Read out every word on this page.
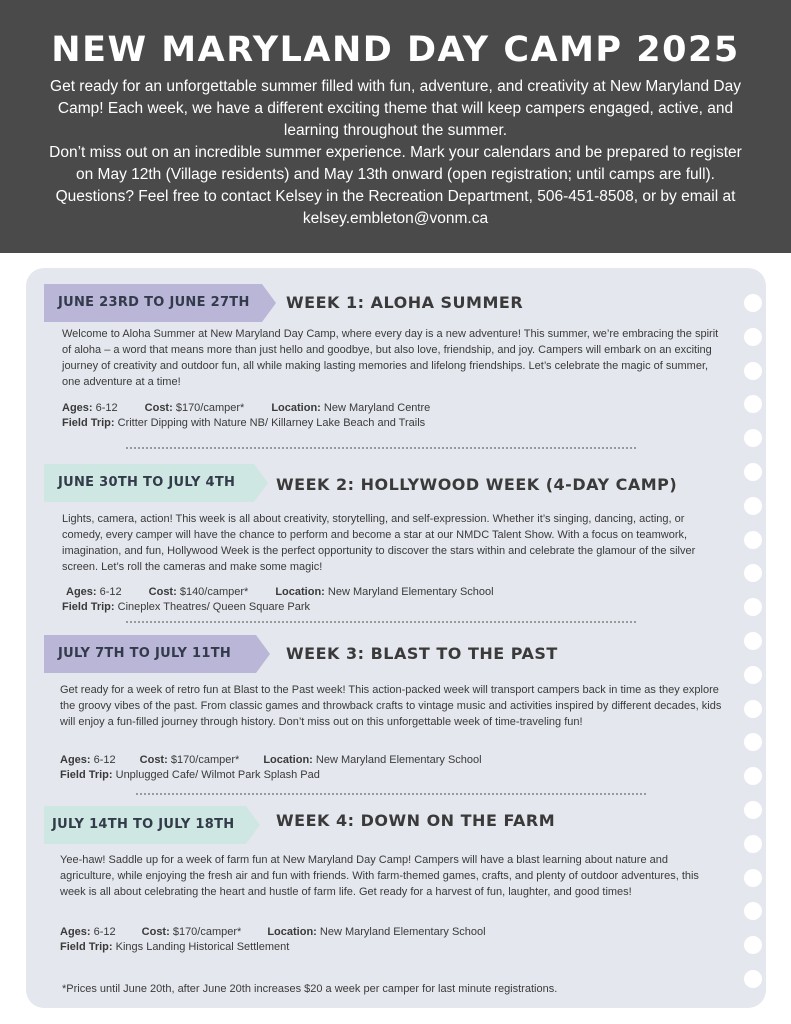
NEW MARYLAND DAY CAMP 2025
Get ready for an unforgettable summer filled with fun, adventure, and creativity at New Maryland Day Camp! Each week, we have a different exciting theme that will keep campers engaged, active, and learning throughout the summer.
Don’t miss out on an incredible summer experience. Mark your calendars and be prepared to register on May 12th (Village residents) and May 13th onward (open registration; until camps are full). Questions? Feel free to contact Kelsey in the Recreation Department, 506-451-8508, or by email at kelsey.embleton@vonm.ca
JUNE 23RD TO JUNE 27TH	WEEK 1: ALOHA SUMMER
Welcome to Aloha Summer at New Maryland Day Camp, where every day is a new adventure! This summer, we’re embracing the spirit of aloha – a word that means more than just hello and goodbye, but also love, friendship, and joy. Campers will embark on an exciting journey of creativity and outdoor fun, all while making lasting memories and lifelong friendships. Let’s celebrate the magic of summer, one adventure at a time!
Ages: 6-12 Cost: $170/camper* Location: New Maryland Centre
Field Trip: Critter Dipping with Nature NB/ Killarney Lake Beach and Trails
JUNE 30TH TO JULY 4TH	WEEK 2: HOLLYWOOD WEEK (4-DAY CAMP)
Lights, camera, action! This week is all about creativity, storytelling, and self-expression. Whether it’s singing, dancing, acting, or comedy, every camper will have the chance to perform and become a star at our NMDC Talent Show. With a focus on teamwork, imagination, and fun, Hollywood Week is the perfect opportunity to discover the stars within and celebrate the glamour of the silver screen. Let’s roll the cameras and make some magic!
Ages: 6-12 Cost: $140/camper* Location: New Maryland Elementary School
Field Trip: Cineplex Theatres/ Queen Square Park
JULY 7TH TO JULY 11TH	WEEK 3: BLAST TO THE PAST
Get ready for a week of retro fun at Blast to the Past week! This action-packed week will transport campers back in time as they explore the groovy vibes of the past. From classic games and throwback crafts to vintage music and activities inspired by different decades, kids will enjoy a fun-filled journey through history. Don’t miss out on this unforgettable week of time-traveling fun!
Ages: 6-12 Cost: $170/camper* Location: New Maryland Elementary School
Field Trip: Unplugged Cafe/ Wilmot Park Splash Pad
JULY 14TH TO JULY 18TH	WEEK 4: DOWN ON THE FARM
Yee-haw! Saddle up for a week of farm fun at New Maryland Day Camp! Campers will have a blast learning about nature and agriculture, while enjoying the fresh air and fun with friends. With farm-themed games, crafts, and plenty of outdoor adventures, this week is all about celebrating the heart and hustle of farm life. Get ready for a harvest of fun, laughter, and good times!
Ages: 6-12 Cost: $170/camper* Location: New Maryland Elementary School
Field Trip: Kings Landing Historical Settlement
*Prices until June 20th, after June 20th increases $20 a week per camper for last minute registrations.
